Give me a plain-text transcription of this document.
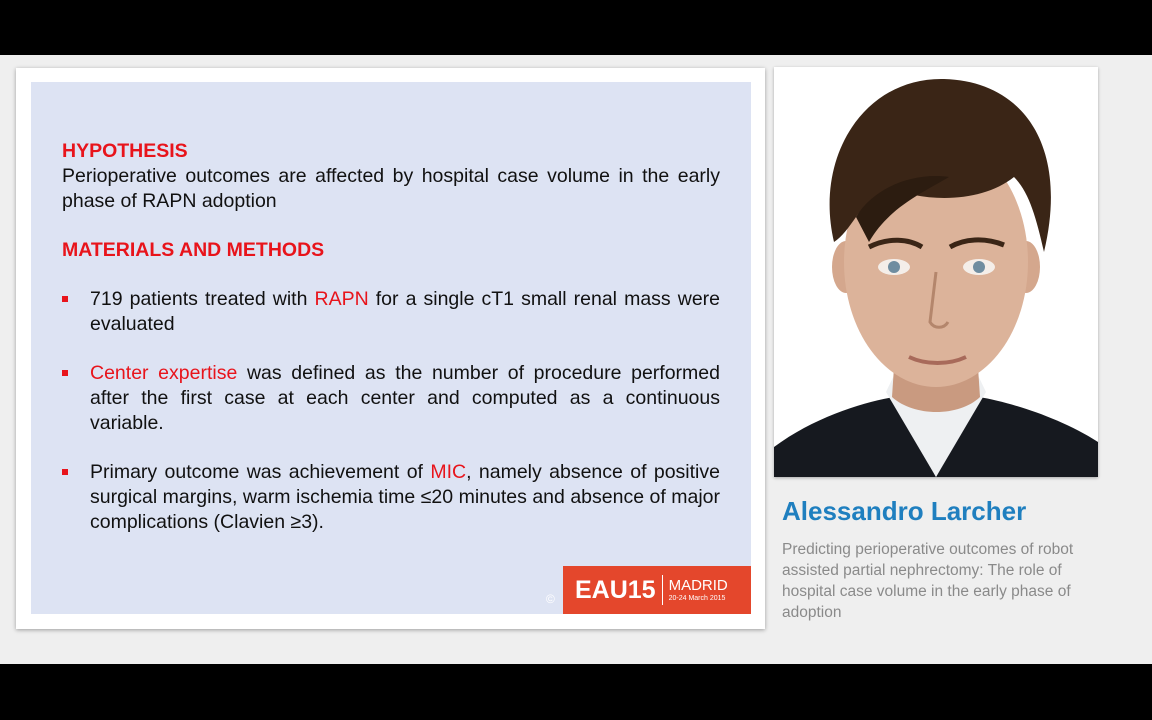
HYPOTHESIS
Perioperative outcomes are affected by hospital case volume in the early phase of RAPN adoption
MATERIALS AND METHODS
719 patients treated with RAPN for a single cT1 small renal mass were evaluated
Center expertise was defined as the number of procedure performed after the first case at each center and computed as a continuous variable.
Primary outcome was achievement of MIC, namely absence of positive surgical margins, warm ischemia time ≤20 minutes and absence of major complications (Clavien ≥3).
© EAU15 MADRID
20-24 March 2015
Alessandro Larcher
Predicting perioperative outcomes of robot assisted partial nephrectomy: The role of hospital case volume in the early phase of adoption
